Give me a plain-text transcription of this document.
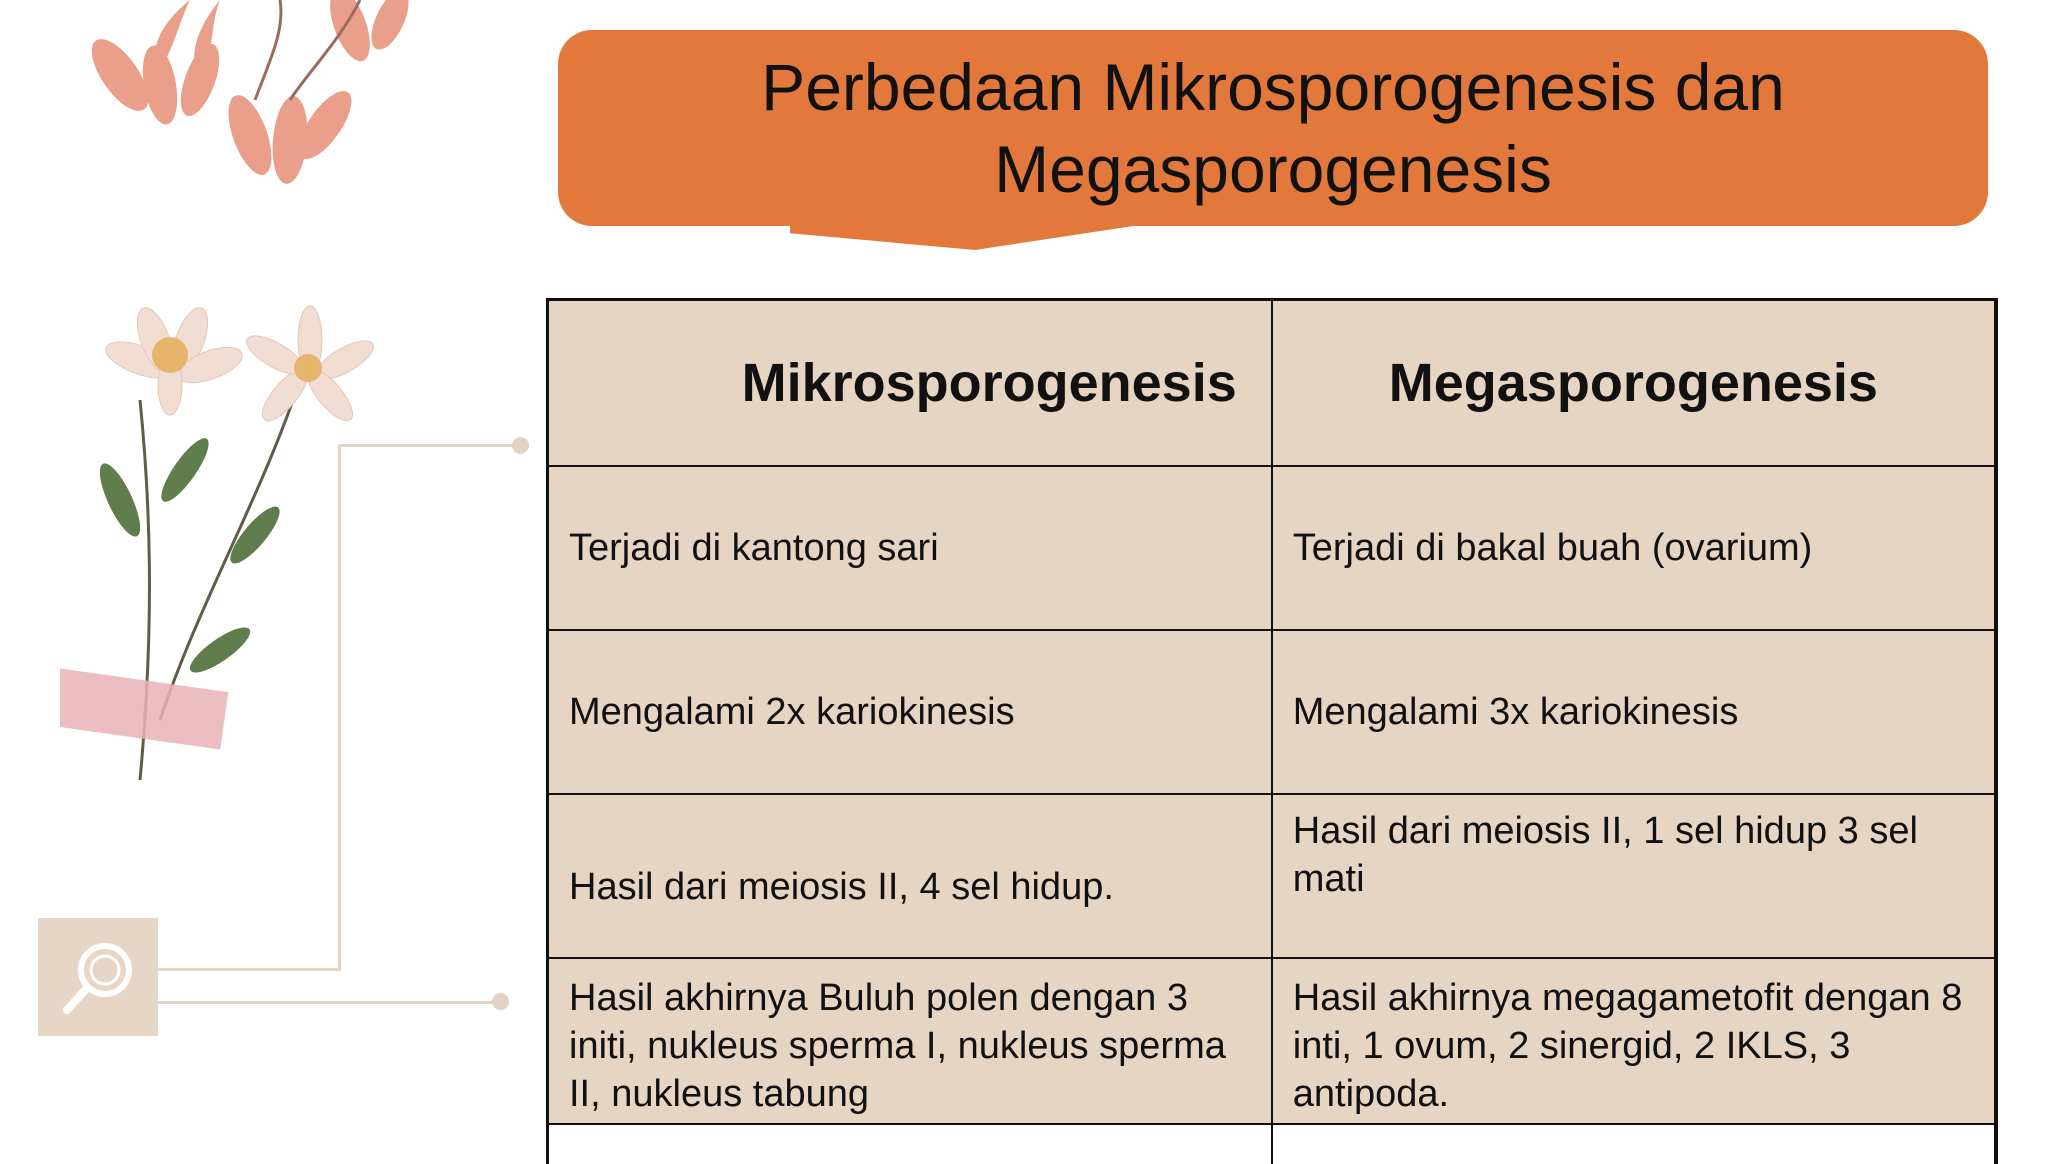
Perbedaan Mikrosporogenesis dan
Megasporogenesis
Mikrosporogenesis	Megasporogenesis
Terjadi di kantong sari	Terjadi di bakal buah (ovarium)
Mengalami 2x kariokinesis	Mengalami 3x kariokinesis
Hasil dari meiosis II, 4 sel hidup.	Hasil dari meiosis II, 1 sel hidup 3 sel mati
Hasil akhirnya Buluh polen dengan 3 initi, nukleus sperma I, nukleus sperma II, nukleus tabung	Hasil akhirnya megagametofit dengan 8 inti, 1 ovum, 2 sinergid, 2 IKLS, 3 antipoda.
